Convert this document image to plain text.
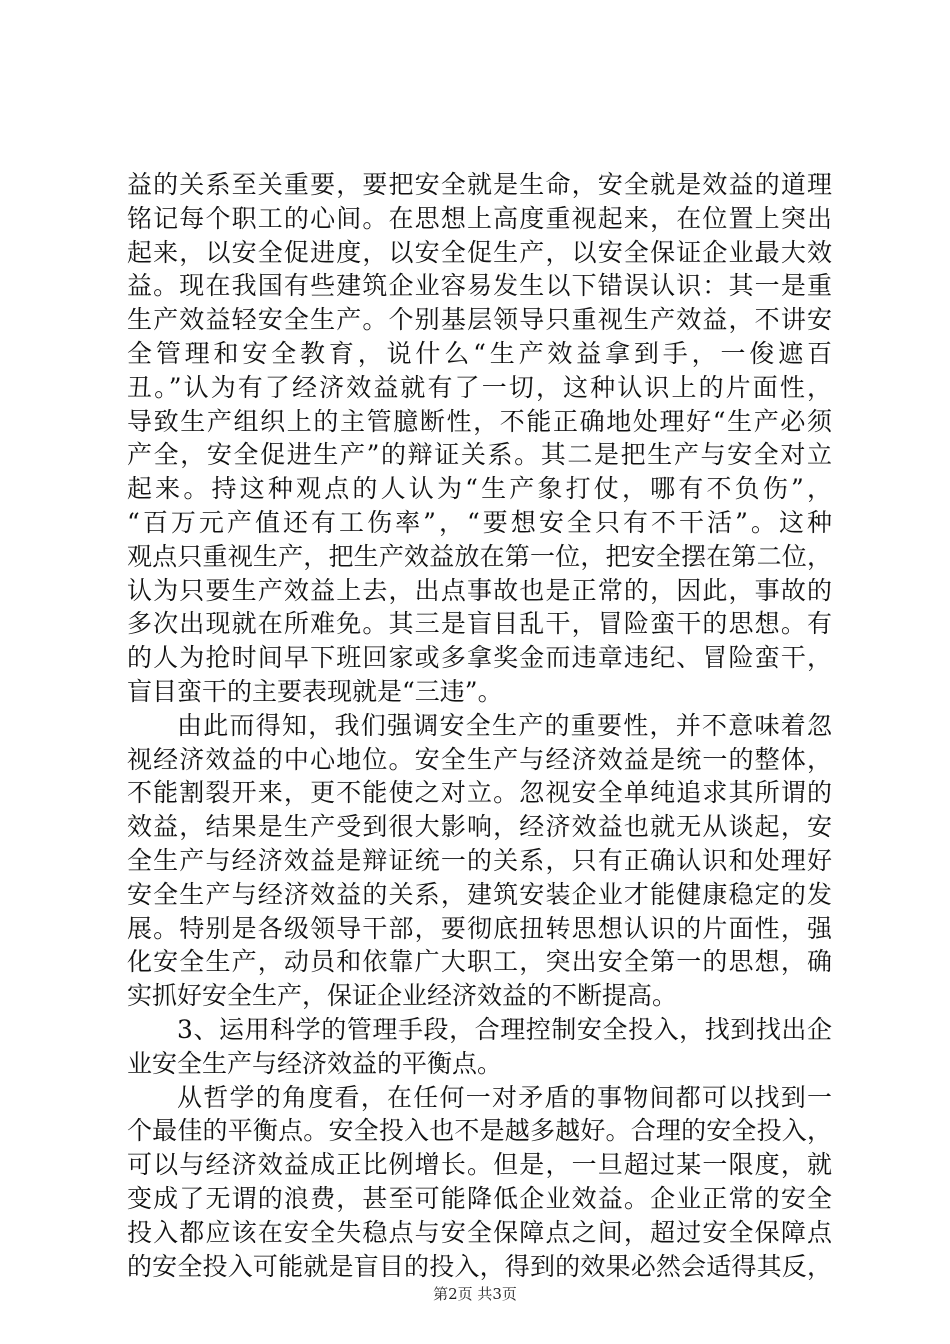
益的关系至关重要，要把安全就是生命，安全就是效益的道理
铭记每个职工的心间。在思想上高度重视起来，在位置上突出
起来，以安全促进度，以安全促生产，以安全保证企业最大效
益。现在我国有些建筑企业容易发生以下错误认识：其一是重
生产效益轻安全生产。个别基层领导只重视生产效益，不讲安
全管理和安全教育，说什么“生产效益拿到手，一俊遮百
丑。”认为有了经济效益就有了一切，这种认识上的片面性，
导致生产组织上的主管臆断性，不能正确地处理好“生产必须
产全，安全促进生产”的辩证关系。其二是把生产与安全对立
起来。持这种观点的人认为“生产象打仗，哪有不负伤”，
“百万元产值还有工伤率”，“要想安全只有不干活”。这种
观点只重视生产，把生产效益放在第一位，把安全摆在第二位，
认为只要生产效益上去，出点事故也是正常的，因此，事故的
多次出现就在所难免。其三是盲目乱干，冒险蛮干的思想。有
的人为抢时间早下班回家或多拿奖金而违章违纪、冒险蛮干，
盲目蛮干的主要表现就是“三违”。
由此而得知，我们强调安全生产的重要性，并不意味着忽
视经济效益的中心地位。安全生产与经济效益是统一的整体，
不能割裂开来，更不能使之对立。忽视安全单纯追求其所谓的
效益，结果是生产受到很大影响，经济效益也就无从谈起，安
全生产与经济效益是辩证统一的关系，只有正确认识和处理好
安全生产与经济效益的关系，建筑安装企业才能健康稳定的发
展。特别是各级领导干部，要彻底扭转思想认识的片面性，强
化安全生产，动员和依靠广大职工，突出安全第一的思想，确
实抓好安全生产，保证企业经济效益的不断提高。
3、运用科学的管理手段，合理控制安全投入，找到找出企
业安全生产与经济效益的平衡点。
从哲学的角度看，在任何一对矛盾的事物间都可以找到一
个最佳的平衡点。安全投入也不是越多越好。合理的安全投入，
可以与经济效益成正比例增长。但是，一旦超过某一限度，就
变成了无谓的浪费，甚至可能降低企业效益。企业正常的安全
投入都应该在安全失稳点与安全保障点之间，超过安全保障点
的安全投入可能就是盲目的投入，得到的效果必然会适得其反，
第2页 共3页
